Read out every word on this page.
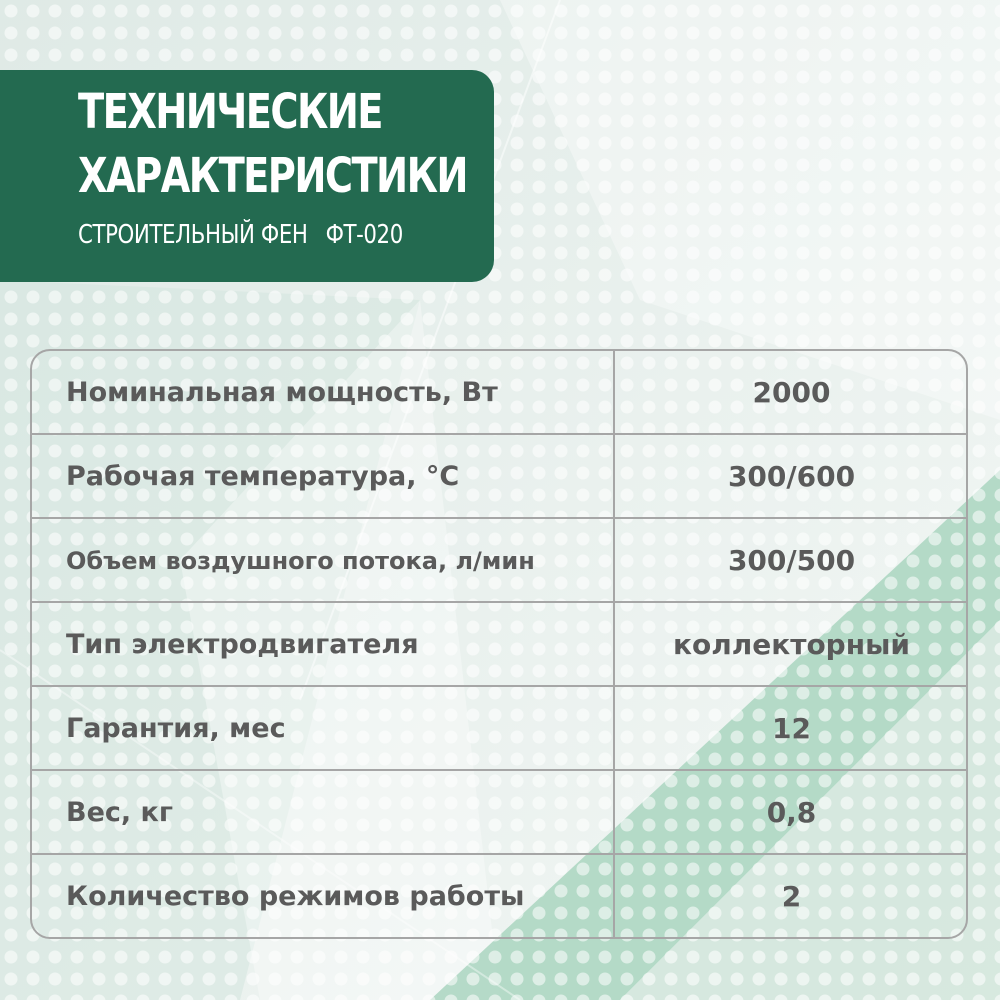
ТЕХНИЧЕСКИЕ
ХАРАКТЕРИСТИКИ
СТРОИТЕЛЬНЫЙ ФЕН ФТ-020
Номинальная мощность, Вт	2000
Рабочая температура, °С	300/600
Объем воздушного потока, л/мин	300/500
Тип электродвигателя	коллекторный
Гарантия, мес	12
Вес, кг	0,8
Количество режимов работы	2
